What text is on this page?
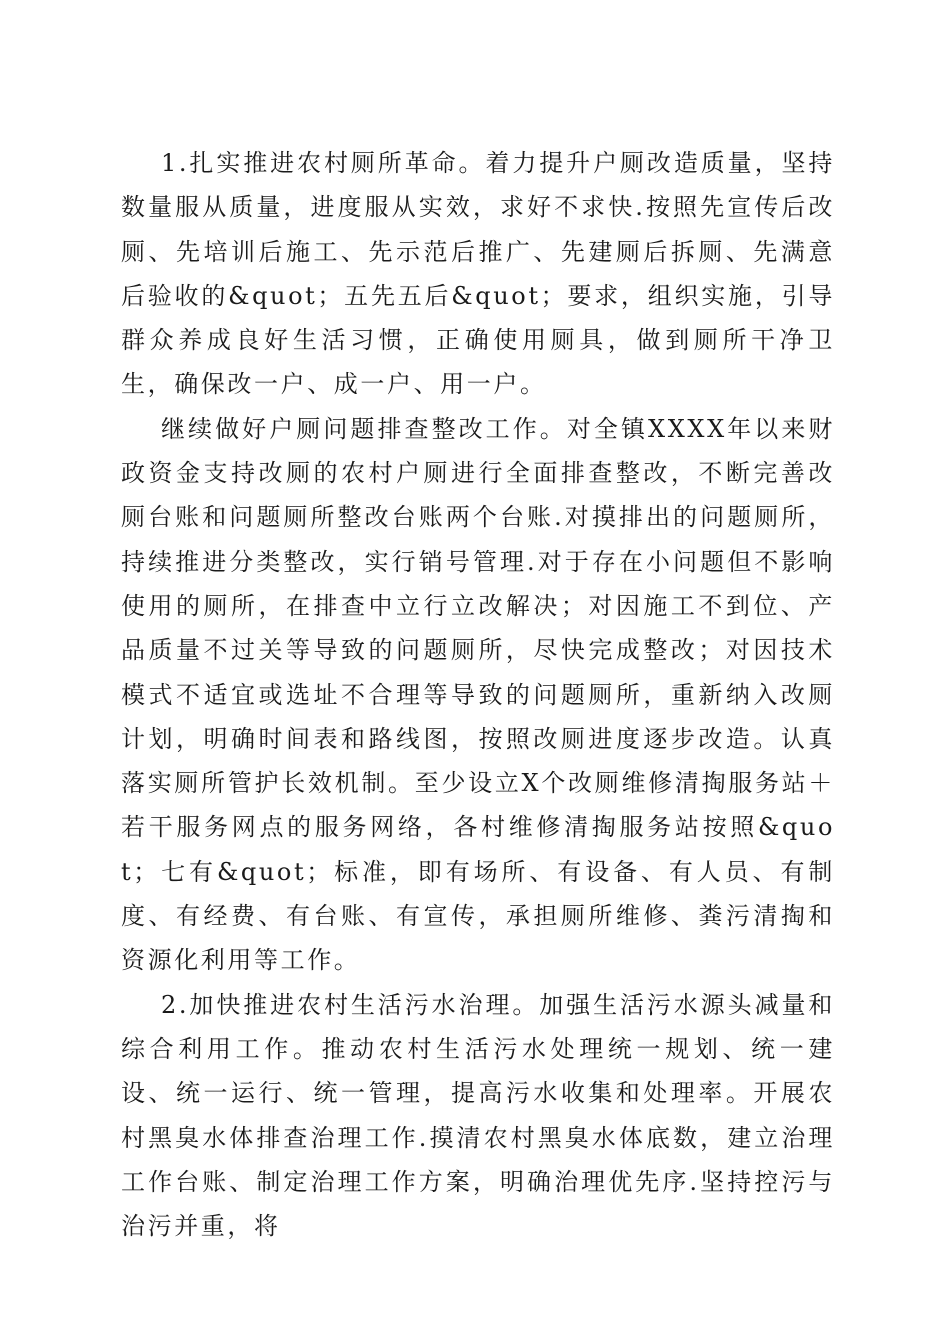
1.扎实推进农村厕所革命。着力提升户厕改造质量，坚持数量服从质量，进度服从实效，求好不求快.按照先宣传后改厕、先培训后施工、先示范后推广、先建厕后拆厕、先满意后验收的&quot；五先五后&quot；要求，组织实施，引导群众养成良好生活习惯，正确使用厕具，做到厕所干净卫生，确保改一户、成一户、用一户。

继续做好户厕问题排查整改工作。对全镇XXXX年以来财政资金支持改厕的农村户厕进行全面排查整改，不断完善改厕台账和问题厕所整改台账两个台账.对摸排出的问题厕所，持续推进分类整改，实行销号管理.对于存在小问题但不影响使用的厕所，在排查中立行立改解决；对因施工不到位、产品质量不过关等导致的问题厕所，尽快完成整改；对因技术模式不适宜或选址不合理等导致的问题厕所，重新纳入改厕计划，明确时间表和路线图，按照改厕进度逐步改造。认真落实厕所管护长效机制。至少设立X个改厕维修清掏服务站＋若干服务网点的服务网络，各村维修清掏服务站按照&quot；七有&quot；标准，即有场所、有设备、有人员、有制度、有经费、有台账、有宣传，承担厕所维修、粪污清掏和资源化利用等工作。

2.加快推进农村生活污水治理。加强生活污水源头减量和综合利用工作。推动农村生活污水处理统一规划、统一建设、统一运行、统一管理，提高污水收集和处理率。开展农村黑臭水体排查治理工作.摸清农村黑臭水体底数，建立治理工作台账、制定治理工作方案，明确治理优先序.坚持控污与治污并重，将
